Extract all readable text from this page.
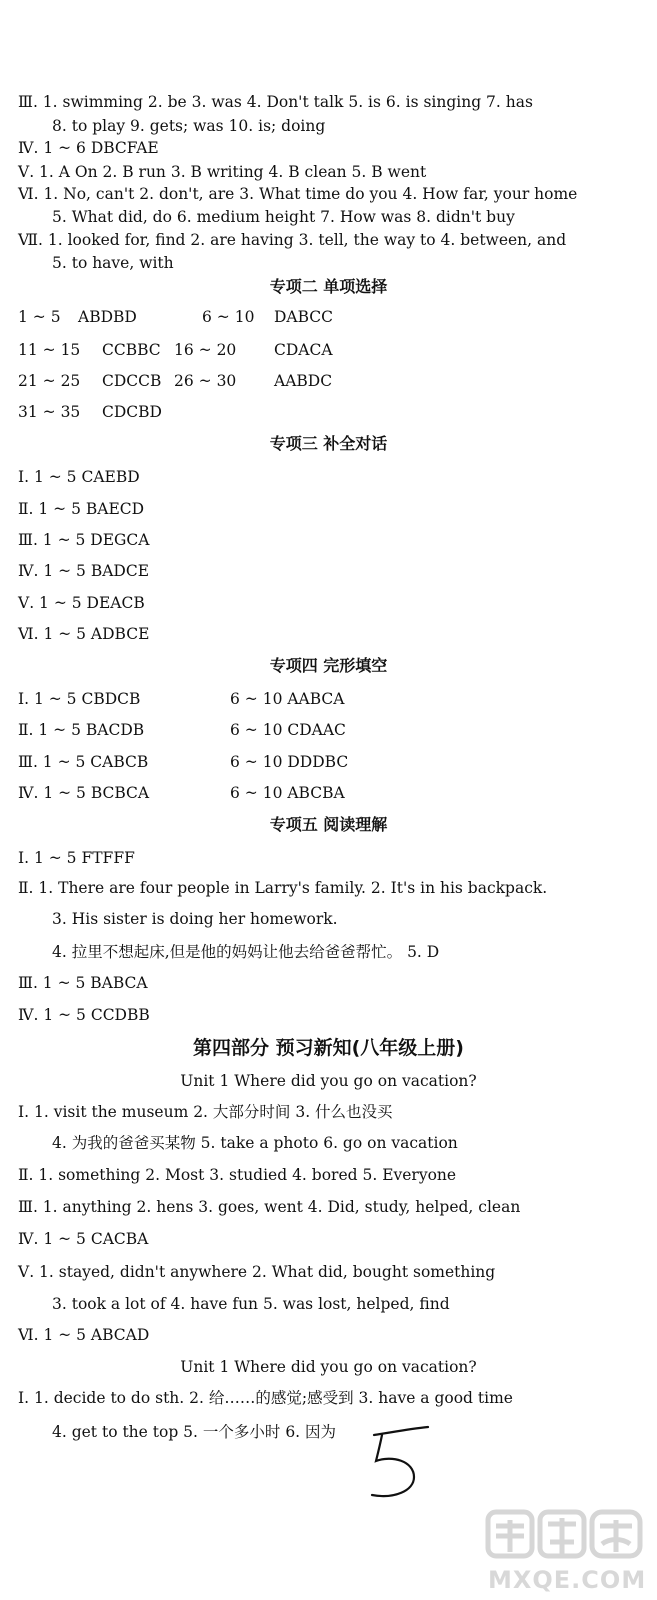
Ⅲ. 1. swimming 2. be 3. was 4. Don't talk 5. is 6. is singing 7. has
8. to play 9. gets; was 10. is; doing
Ⅳ. 1 ~ 6 DBCFAE
Ⅴ. 1. A On 2. B run 3. B writing 4. B clean 5. B went
Ⅵ. 1. No, can't 2. don't, are 3. What time do you 4. How far, your home
5. What did, do 6. medium height 7. How was 8. didn't buy
Ⅶ. 1. looked for, find 2. are having 3. tell, the way to 4. between, and
5. to have, with
专项二 单项选择
1 ~ 5 ABDBD	6 ~ 10 DABCC
11 ~ 15 CCBBC 16 ~ 20 CDACA
21 ~ 25 CDCCB 26 ~ 30 AABDC
31 ~ 35 CDCBD
专项三 补全对话
Ⅰ. 1 ~ 5 CAEBD
Ⅱ. 1 ~ 5 BAECD
Ⅲ. 1 ~ 5 DEGCA
Ⅳ. 1 ~ 5 BADCE
Ⅴ. 1 ~ 5 DEACB
Ⅵ. 1 ~ 5 ADBCE
专项四 完形填空
Ⅰ. 1 ~ 5 CBDCB	6 ~ 10 AABCA
Ⅱ. 1 ~ 5 BACDB	6 ~ 10 CDAAC
Ⅲ. 1 ~ 5 CABCB	6 ~ 10 DDDBC
Ⅳ. 1 ~ 5 BCBCA	6 ~ 10 ABCBA
专项五 阅读理解
Ⅰ. 1 ~ 5 FTFFF
Ⅱ. 1. There are four people in Larry's family. 2. It's in his backpack.
3. His sister is doing her homework.
4. 拉里不想起床,但是他的妈妈让他去给爸爸帮忙。 5. D
Ⅲ. 1 ~ 5 BABCA
Ⅳ. 1 ~ 5 CCDBB
第四部分 预习新知(八年级上册)
Unit 1 Where did you go on vacation?
Ⅰ. 1. visit the museum 2. 大部分时间 3. 什么也没买
4. 为我的爸爸买某物 5. take a photo 6. go on vacation
Ⅱ. 1. something 2. Most 3. studied 4. bored 5. Everyone
Ⅲ. 1. anything 2. hens 3. goes, went 4. Did, study, helped, clean
Ⅳ. 1 ~ 5 CACBA
Ⅴ. 1. stayed, didn't anywhere 2. What did, bought something
3. took a lot of 4. have fun 5. was lost, helped, find
Ⅵ. 1 ~ 5 ABCAD
Unit 1 Where did you go on vacation?
Ⅰ. 1. decide to do sth. 2. 给……的感觉;感受到 3. have a good time
4. get to the top 5. 一个多小时 6. 因为	5
MXQE.COM
